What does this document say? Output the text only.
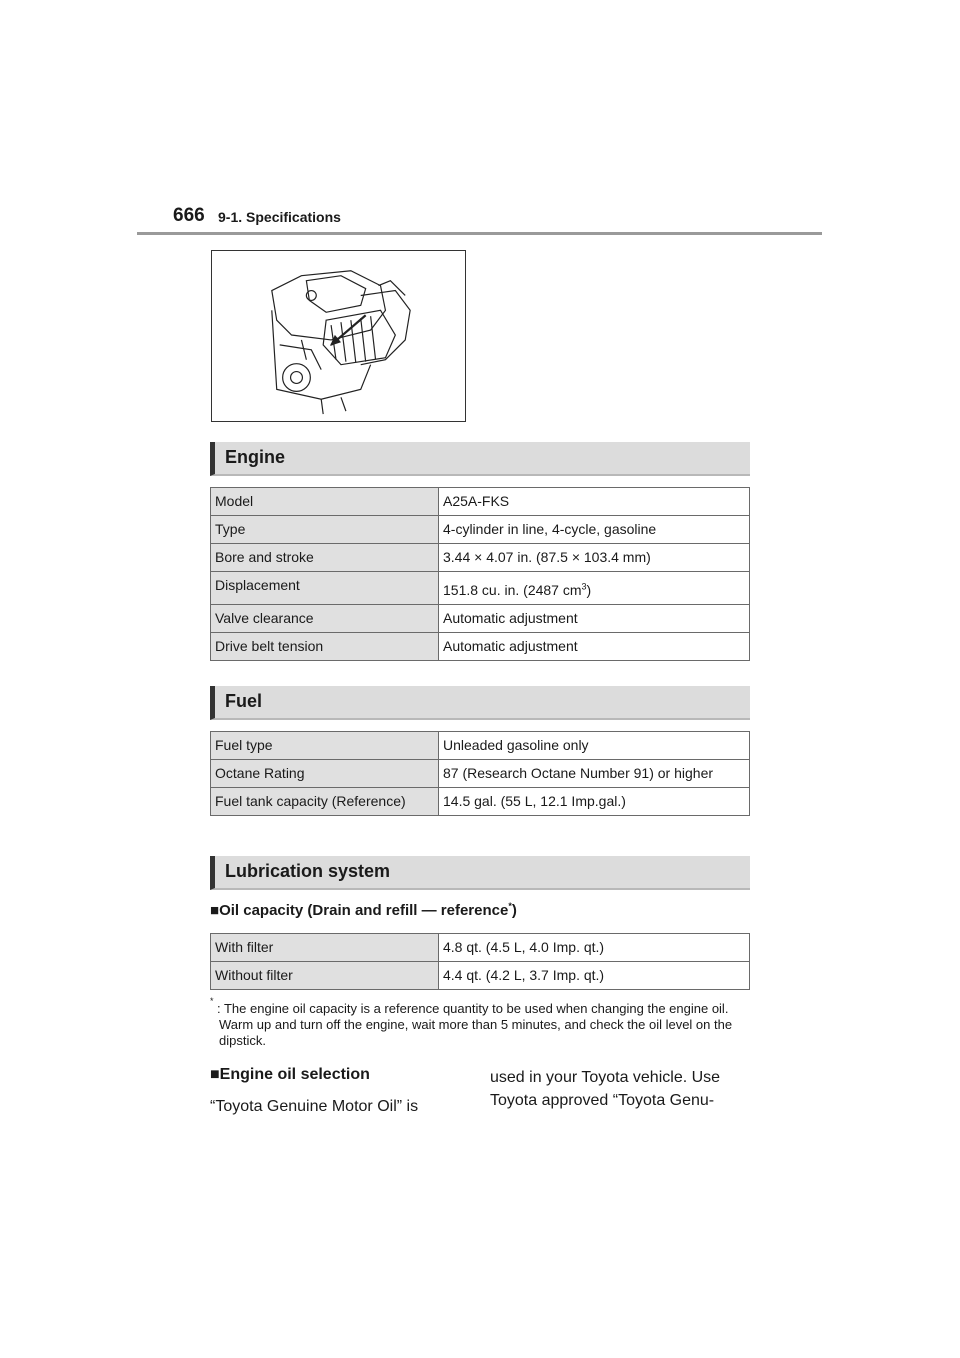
666 9-1. Specifications
Engine
Model	A25A-FKS
Type	4-cylinder in line, 4-cycle, gasoline
Bore and stroke	3.44 × 4.07 in. (87.5 × 103.4 mm)
Displacement	151.8 cu. in. (2487 $cm^3$)
Valve clearance	Automatic adjustment
Drive belt tension	Automatic adjustment
Fuel
Fuel type	Unleaded gasoline only
Octane Rating	87 (Research Octane Number 91) or higher
Fuel tank capacity (Reference)	14.5 gal. (55 L, 12.1 Imp.gal.)
Lubrication system
■Oil capacity (Drain and refill — reference*)
With filter	4.8 qt. (4.5 L, 4.0 Imp. qt.)
Without filter	4.4 qt. (4.2 L, 3.7 Imp. qt.)
* : The engine oil capacity is a reference quantity to be used when changing the engine oil. Warm up and turn off the engine, wait more than 5 minutes, and check the oil level on the dipstick.
■Engine oil selection
“Toyota Genuine Motor Oil” is
used in your Toyota vehicle. Use
Toyota approved “Toyota Genu-
